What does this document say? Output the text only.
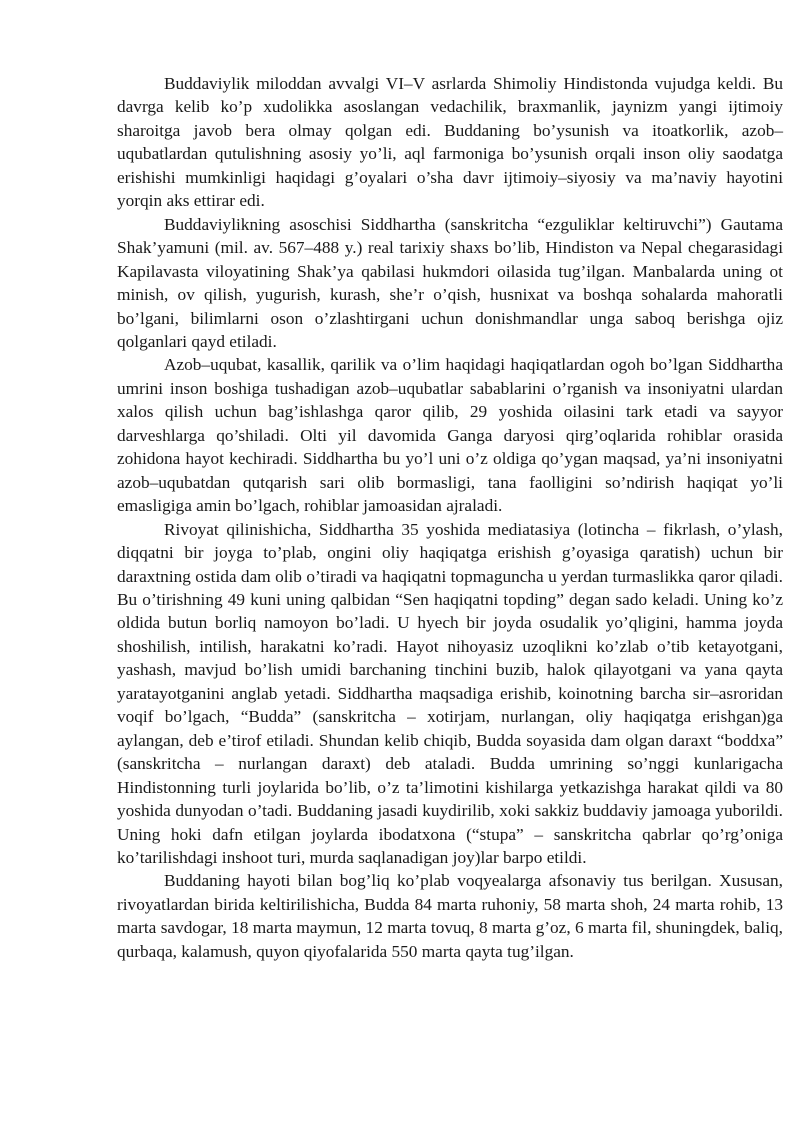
Buddaviylik miloddan avvalgi VI–V asrlarda Shimoliy Hindistonda vujudga keldi. Bu davrga kelib ko’p xudolikka asoslangan vedachilik, braxmanlik, jaynizm yangi ijtimoiy sharoitga javob bera olmay qolgan edi. Buddaning bo’ysunish va itoatkorlik, azob–uqubatlardan qutulishning asosiy yo’li, aql farmoniga bo’ysunish orqali inson oliy saodatga erishishi mumkinligi haqidagi g’oyalari o’sha davr ijtimoiy–siyosiy va ma’naviy hayotini yorqin aks ettirar edi.

Buddaviylikning asoschisi Siddhartha (sanskritcha “ezguliklar keltiruvchi”) Gautama Shak’yamuni (mil. av. 567–488 y.) real tarixiy shaxs bo’lib, Hindiston va Nepal chegarasidagi Kapilavasta viloyatining Shak’ya qabilasi hukmdori oilasida tug’ilgan. Manbalarda uning ot minish, ov qilish, yugurish, kurash, she’r o’qish, husnixat va boshqa sohalarda mahoratli bo’lgani, bilimlarni oson o’zlashtirgani uchun donishmandlar unga saboq berishga ojiz qolganlari qayd etiladi.

Azob–uqubat, kasallik, qarilik va o’lim haqidagi haqiqatlardan ogoh bo’lgan Siddhartha umrini inson boshiga tushadigan azob–uqubatlar sabablarini o’rganish va insoniyatni ulardan xalos qilish uchun bag’ishlashga qaror qilib, 29 yoshida oilasini tark etadi va sayyor darveshlarga qo’shiladi. Olti yil davomida Ganga daryosi qirg’oqlarida rohiblar orasida zohidona hayot kechiradi. Siddhartha bu yo’l uni o’z oldiga qo’ygan maqsad, ya’ni insoniyatni azob–uqubatdan qutqarish sari olib bormasligi, tana faolligini so’ndirish haqiqat yo’li emasligiga amin bo’lgach, rohiblar jamoasidan ajraladi.

Rivoyat qilinishicha, Siddhartha 35 yoshida mediatasiya (lotincha – fikrlash, o’ylash, diqqatni bir joyga to’plab, ongini oliy haqiqatga erishish g’oyasiga qaratish) uchun bir daraxtning ostida dam olib o’tiradi va haqiqatni topmaguncha u yerdan turmaslikka qaror qiladi. Bu o’tirishning 49 kuni uning qalbidan “Sen haqiqatni topding” degan sado keladi. Uning ko’z oldida butun borliq namoyon bo’ladi. U hyech bir joyda osudalik yo’qligini, hamma joyda shoshilish, intilish, harakatni ko’radi. Hayot nihoyasiz uzoqlikni ko’zlab o’tib ketayotgani, yashash, mavjud bo’lish umidi barchaning tinchini buzib, halok qilayotgani va yana qayta yaratayotganini anglab yetadi. Siddhartha maqsadiga erishib, koinotning barcha sir–asroridan voqif bo’lgach, “Budda” (sanskritcha – xotirjam, nurlangan, oliy haqiqatga erishgan)ga aylangan, deb e’tirof etiladi. Shundan kelib chiqib, Budda soyasida dam olgan daraxt “boddxa” (sanskritcha – nurlangan daraxt) deb ataladi. Budda umrining so’nggi kunlarigacha Hindistonning turli joylarida bo’lib, o’z ta’limotini kishilarga yetkazishga harakat qildi va 80 yoshida dunyodan o’tadi. Buddaning jasadi kuydirilib, xoki sakkiz buddaviy jamoaga yuborildi. Uning hoki dafn etilgan joylarda ibodatxona (“stupa” – sanskritcha qabrlar qo’rg’oniga ko’tarilishdagi inshoot turi, murda saqlanadigan joy)lar barpo etildi.

Buddaning hayoti bilan bog’liq ko’plab voqyealarga afsonaviy tus berilgan. Xususan, rivoyatlardan birida keltirilishicha, Budda 84 marta ruhoniy, 58 marta shoh, 24 marta rohib, 13 marta savdogar, 18 marta maymun, 12 marta tovuq, 8 marta g’oz, 6 marta fil, shuningdek, baliq, qurbaqa, kalamush, quyon qiyofalarida 550 marta qayta tug’ilgan.
